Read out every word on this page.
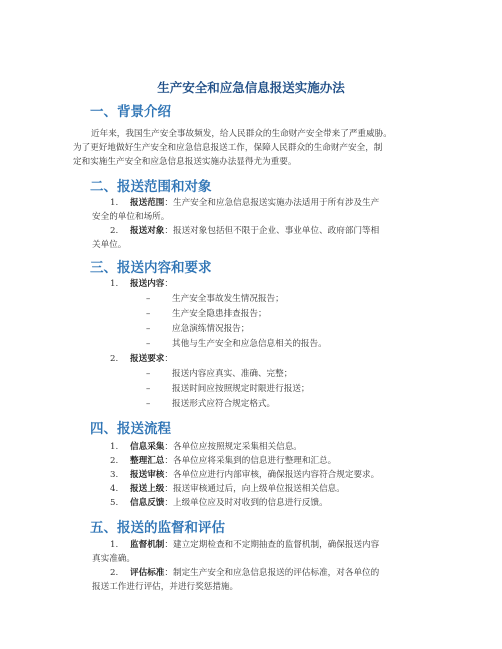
生产安全和应急信息报送实施办法
一、背景介绍

近年来，我国生产安全事故频发，给人民群众的生命财产安全带来了严重威胁。

为了更好地做好生产安全和应急信息报送工作，保障人民群众的生命财产安全，制

定和实施生产安全和应急信息报送实施办法显得尤为重要。

二、报送范围和对象

1. 报送范围：生产安全和应急信息报送实施办法适用于所有涉及生产

安全的单位和场所。

2. 报送对象：报送对象包括但不限于企业、事业单位、政府部门等相

关单位。

三、报送内容和要求

1. 报送内容：

–	生产安全事故发生情况报告；

–	生产安全隐患排查报告；

–	应急演练情况报告；

–	其他与生产安全和应急信息相关的报告。

2. 报送要求：

–	报送内容应真实、准确、完整；

–	报送时间应按照规定时限进行报送；

–	报送形式应符合规定格式。

四、报送流程

1. 信息采集：各单位应按照规定采集相关信息。

2. 整理汇总：各单位应将采集到的信息进行整理和汇总。

3. 报送审核：各单位应进行内部审核，确保报送内容符合规定要求。

4. 报送上级：报送审核通过后，向上级单位报送相关信息。

5. 信息反馈：上级单位应及时对收到的信息进行反馈。

五、报送的监督和评估

1. 监督机制：建立定期检查和不定期抽查的监督机制，确保报送内容

真实准确。

2. 评估标准：制定生产安全和应急信息报送的评估标准，对各单位的

报送工作进行评估，并进行奖惩措施。
